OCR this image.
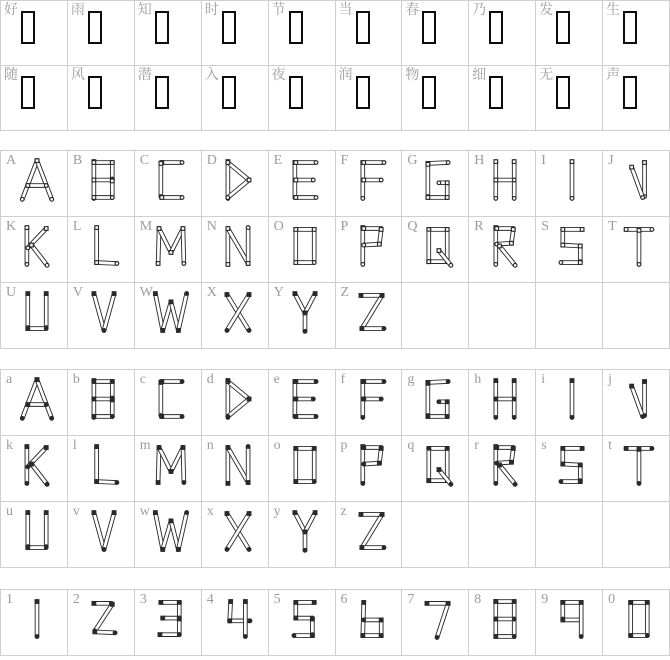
好	雨	知	时	节	当	春	乃	发	生
随	风	潜	入	夜	润	物	细	无	声
A	B	C	D	E	F	G	H	I	J
K	L	M	N	O	P	Q	R	S	T
U	V	W	X	Y	Z
a	b	c	d	e	f	g	h	i	j
k	l	m	n	o	p	q	r	s	t
u	v	w	x	y	z
1	2	3	4	5	6	7	8	9	0
